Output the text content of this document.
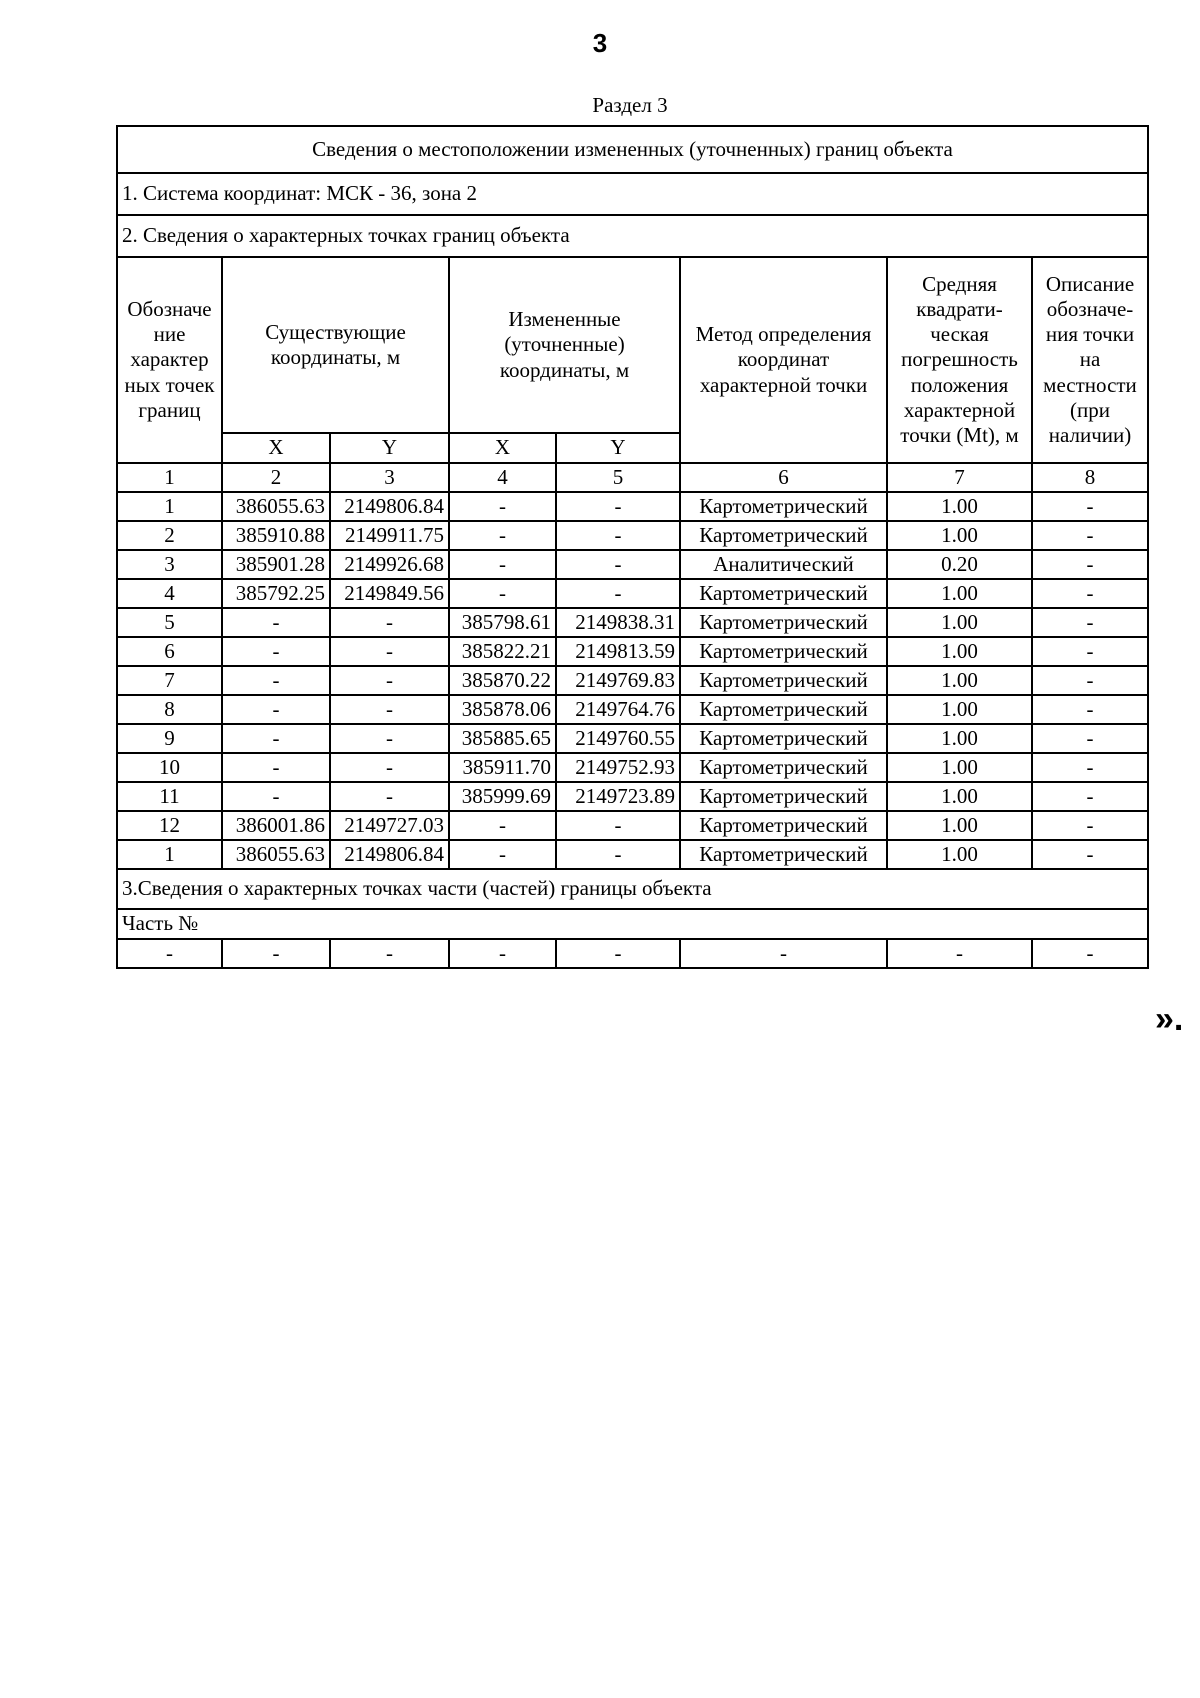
3
Раздел 3
Сведения о местоположении измененных (уточненных) границ объекта							
1. Система координат: МСК - 36, зона 2							
2. Сведения о характерных точках границ объекта							
Обозначе ние характер ных точек границ	Существующие координаты, м		Измененные (уточненные) координаты, м		Метод определения координат характерной точки	Средняя квадрати- ческая погрешность положения характерной точки (Mt), м	Описание обозначе- ния точки на местности (при наличии)
	X	Y	X	Y			
1	2	3	4	5	6	7	8
1	386055.63	2149806.84	-	-	Картометрический	1.00	-
2	385910.88	2149911.75	-	-	Картометрический	1.00	-
3	385901.28	2149926.68	-	-	Аналитический	0.20	-
4	385792.25	2149849.56	-	-	Картометрический	1.00	-
5	-	-	385798.61	2149838.31	Картометрический	1.00	-
6	-	-	385822.21	2149813.59	Картометрический	1.00	-
7	-	-	385870.22	2149769.83	Картометрический	1.00	-
8	-	-	385878.06	2149764.76	Картометрический	1.00	-
9	-	-	385885.65	2149760.55	Картометрический	1.00	-
10	-	-	385911.70	2149752.93	Картометрический	1.00	-
11	-	-	385999.69	2149723.89	Картометрический	1.00	-
12	386001.86	2149727.03	-	-	Картометрический	1.00	-
1	386055.63	2149806.84	-	-	Картометрический	1.00	-
3.Сведения о характерных точках части (частей) границы объекта							
Часть №							
-	-	-	-	-	-	-	-
».
